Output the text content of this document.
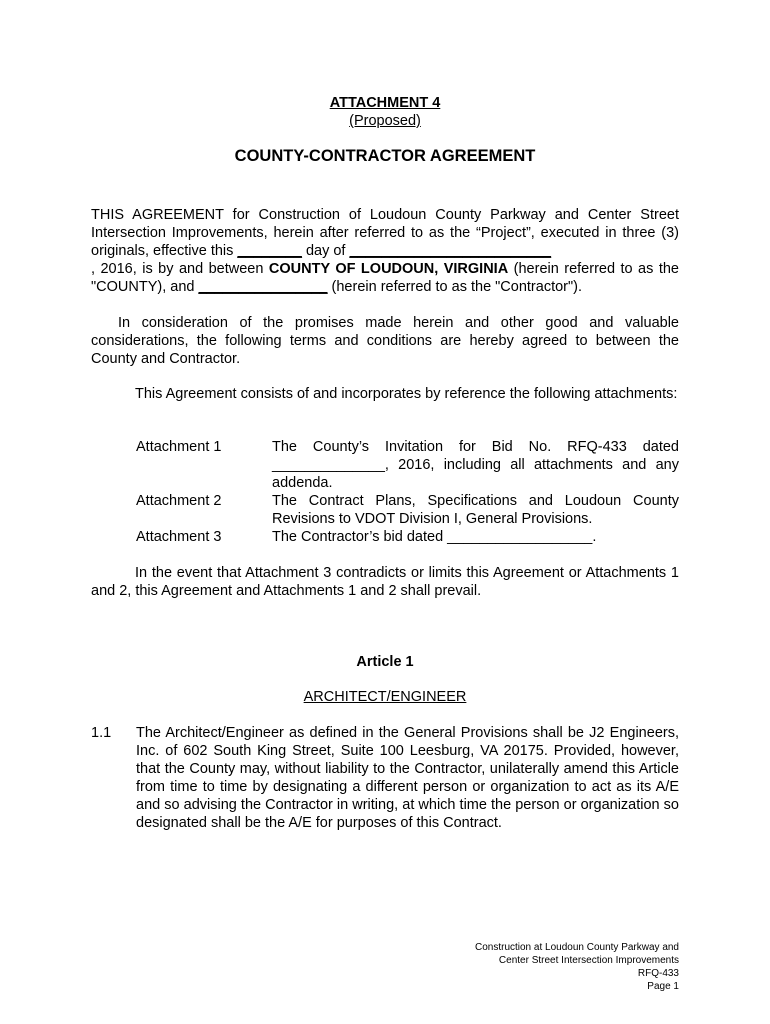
ATTACHMENT 4
(Proposed)
COUNTY-CONTRACTOR AGREEMENT
THIS AGREEMENT for Construction of Loudoun County Parkway and Center Street Intersection Improvements, herein after referred to as the “Project”, executed in three (3) originals, effective this ________ day of _________________________
, 2016, is by and between COUNTY OF LOUDOUN, VIRGINIA (herein referred to as the "COUNTY), and ________________ (herein referred to as the "Contractor").
In consideration of the promises made herein and other good and valuable considerations, the following terms and conditions are hereby agreed to between the County and Contractor.
This Agreement consists of and incorporates by reference the following attachments:
Attachment 1	The County’s Invitation for Bid No. RFQ-433 dated ______________, 2016, including all attachments and any addenda.
Attachment 2	The Contract Plans, Specifications and Loudoun County Revisions to VDOT Division I, General Provisions.
Attachment 3	The Contractor’s bid dated __________________.
In the event that Attachment 3 contradicts or limits this Agreement or Attachments 1 and 2, this Agreement and Attachments 1 and 2 shall prevail.
Article 1
ARCHITECT/ENGINEER
1.1 The Architect/Engineer as defined in the General Provisions shall be J2 Engineers, Inc. of 602 South King Street, Suite 100 Leesburg, VA 20175. Provided, however, that the County may, without liability to the Contractor, unilaterally amend this Article from time to time by designating a different person or organization to act as its A/E and so advising the Contractor in writing, at which time the person or organization so designated shall be the A/E for purposes of this Contract.
Construction at Loudoun County Parkway and
Center Street Intersection Improvements
RFQ-433
Page 1
